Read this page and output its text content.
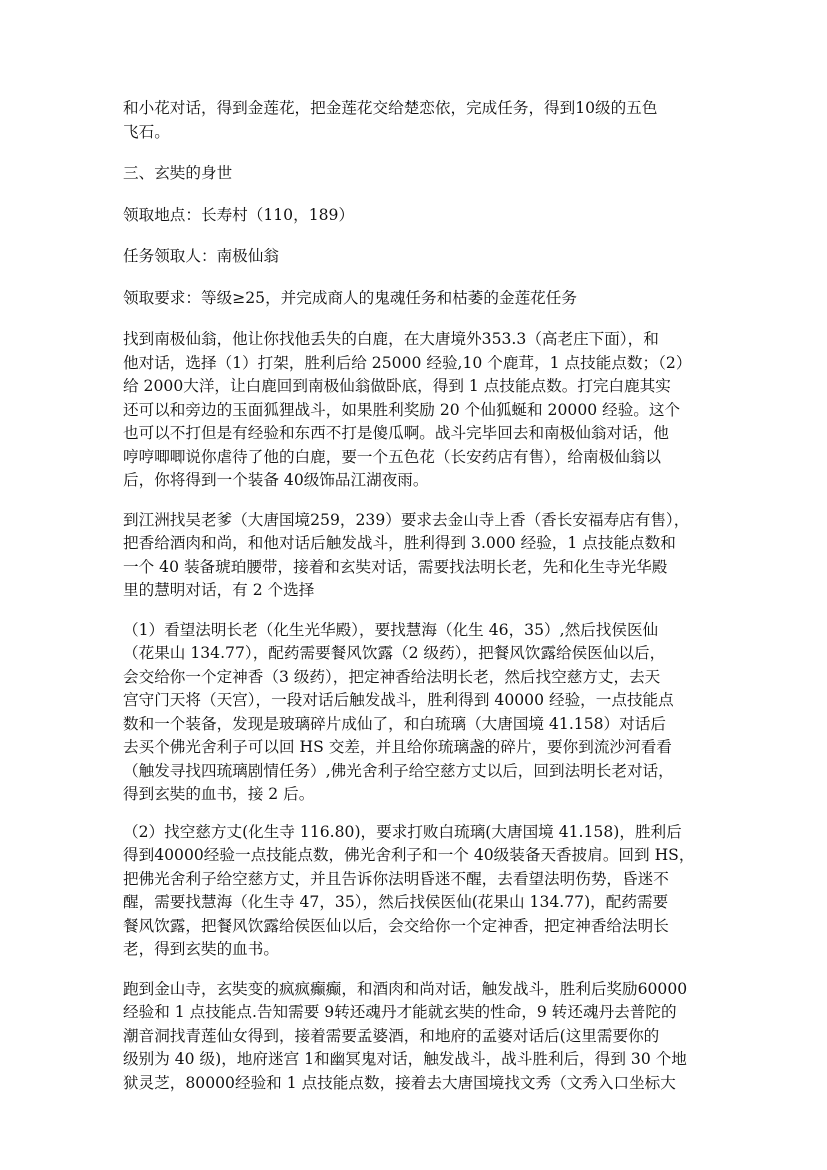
和小花对话，得到金莲花，把金莲花交给楚恋依，完成任务，得到10级的五色
飞石。

三、玄奘的身世

领取地点：长寿村（110，189）

任务领取人：南极仙翁

领取要求：等级≥25，并完成商人的鬼魂任务和枯萎的金莲花任务

找到南极仙翁，他让你找他丢失的白鹿，在大唐境外353.3（高老庄下面），和
他对话，选择（1）打架，胜利后给 25000 经验,10 个鹿茸，1 点技能点数；（2）
给 2000大洋，让白鹿回到南极仙翁做卧底，得到 1 点技能点数。打完白鹿其实
还可以和旁边的玉面狐狸战斗，如果胜利奖励 20 个仙狐蜒和 20000 经验。这个
也可以不打但是有经验和东西不打是傻瓜啊。战斗完毕回去和南极仙翁对话，他
哼哼唧唧说你虐待了他的白鹿，要一个五色花（长安药店有售），给南极仙翁以
后，你将得到一个装备 40级饰品江湖夜雨。

到江洲找吴老爹（大唐国境259，239）要求去金山寺上香（香长安福寿店有售），
把香给酒肉和尚，和他对话后触发战斗，胜利得到 3.000 经验，1 点技能点数和
一个 40 装备琥珀腰带，接着和玄奘对话，需要找法明长老，先和化生寺光华殿
里的慧明对话，有 2 个选择

（1）看望法明长老（化生光华殿），要找慧海（化生 46，35）,然后找侯医仙
（花果山 134.77），配药需要餐风饮露（2 级药），把餐风饮露给侯医仙以后，
会交给你一个定神香（3 级药），把定神香给法明长老，然后找空慈方丈，去天
宫守门天将（天宫），一段对话后触发战斗，胜利得到 40000 经验，一点技能点
数和一个装备，发现是玻璃碎片成仙了，和白琉璃（大唐国境 41.158）对话后
去买个佛光舍利子可以回 HS 交差，并且给你琉璃盏的碎片，要你到流沙河看看
（触发寻找四琉璃剧情任务）,佛光舍利子给空慈方丈以后，回到法明长老对话，
得到玄奘的血书，接 2 后。

（2）找空慈方丈(化生寺 116.80)，要求打败白琉璃(大唐国境 41.158)，胜利后
得到40000经验一点技能点数，佛光舍利子和一个 40级装备天香披肩。回到 HS，
把佛光舍利子给空慈方丈，并且告诉你法明昏迷不醒，去看望法明伤势，昏迷不
醒，需要找慧海（化生寺 47，35），然后找侯医仙(花果山 134.77)，配药需要
餐风饮露，把餐风饮露给侯医仙以后，会交给你一个定神香，把定神香给法明长
老，得到玄奘的血书。

跑到金山寺，玄奘变的疯疯癫癫，和酒肉和尚对话，触发战斗，胜利后奖励60000
经验和 1 点技能点.告知需要 9转还魂丹才能就玄奘的性命，9 转还魂丹去普陀的
潮音洞找青莲仙女得到，接着需要孟婆酒，和地府的孟婆对话后(这里需要你的
级别为 40 级)，地府迷宫 1和幽冥鬼对话，触发战斗，战斗胜利后，得到 30 个地
狱灵芝，80000经验和 1 点技能点数，接着去大唐国境找文秀（文秀入口坐标大
